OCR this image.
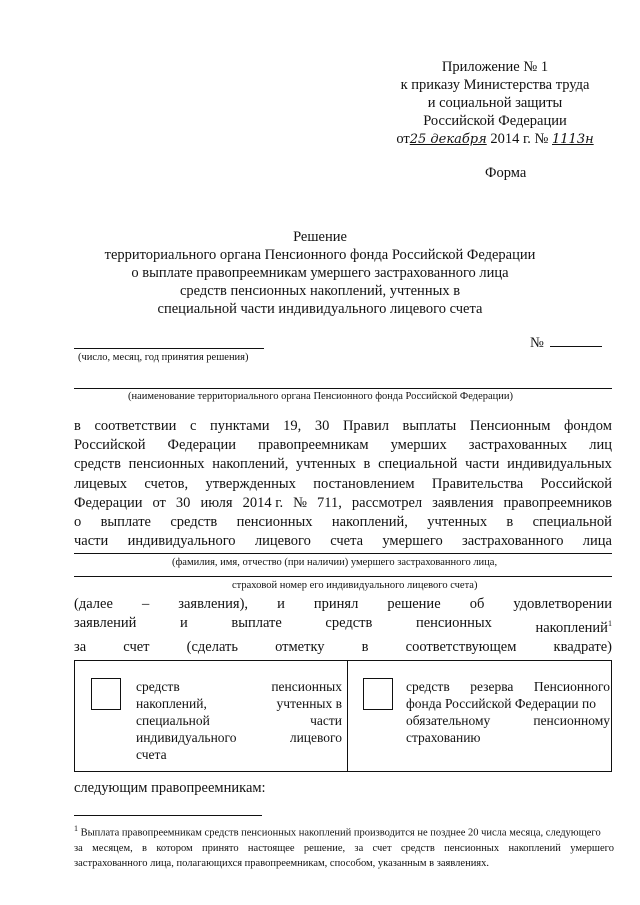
Приложение № 1
к приказу Министерства труда
и социальной защиты
Российской Федерации
от25 декабря 2014 г. № 1113н
Форма
Решение
территориального органа Пенсионного фонда Российской Федерации
о выплате правопреемникам умершего застрахованного лица
средств пенсионных накоплений, учтенных в
специальной части индивидуального лицевого счета
(число, месяц, год принятия решения)
№
(наименование территориального органа Пенсионного фонда Российской Федерации)
в соответствии с пунктами 19, 30 Правил выплаты Пенсионным фондом
Российской Федерации правопреемникам умерших застрахованных лиц
средств пенсионных накоплений, учтенных в специальной части индивидуальных
лицевых счетов, утвержденных постановлением Правительства Российской
Федерации от 30 июля 2014 г. № 711, рассмотрел заявления правопреемников
о выплате средств пенсионных накоплений, учтенных в специальной
части индивидуального лицевого счета умершего застрахованного лица
(фамилия, имя, отчество (при наличии) умершего застрахованного лица,
страховой номер его индивидуального лицевого счета)
(далее – заявления), и принял решение об удовлетворении
заявлений	и	выплате	средств	пенсионных	накоплений$^1$
за	счет	(сделать	отметку	в	соответствующем	квадрате)
средств	пенсионных
накоплений,	учтенных в
специальной	части
индивидуального	лицевого
счета
средств резерва Пенсионного
фонда Российской Федерации по
обязательному	пенсионному
страхованию
следующим правопреемникам:
$^1$ Выплата правопреемникам средств пенсионных накоплений производится не позднее 20 числа месяца, следующего
за месяцем, в котором принято настоящее решение, за счет средств пенсионных накоплений умершего
застрахованного лица, полагающихся правопреемникам, способом, указанным в заявлениях.
